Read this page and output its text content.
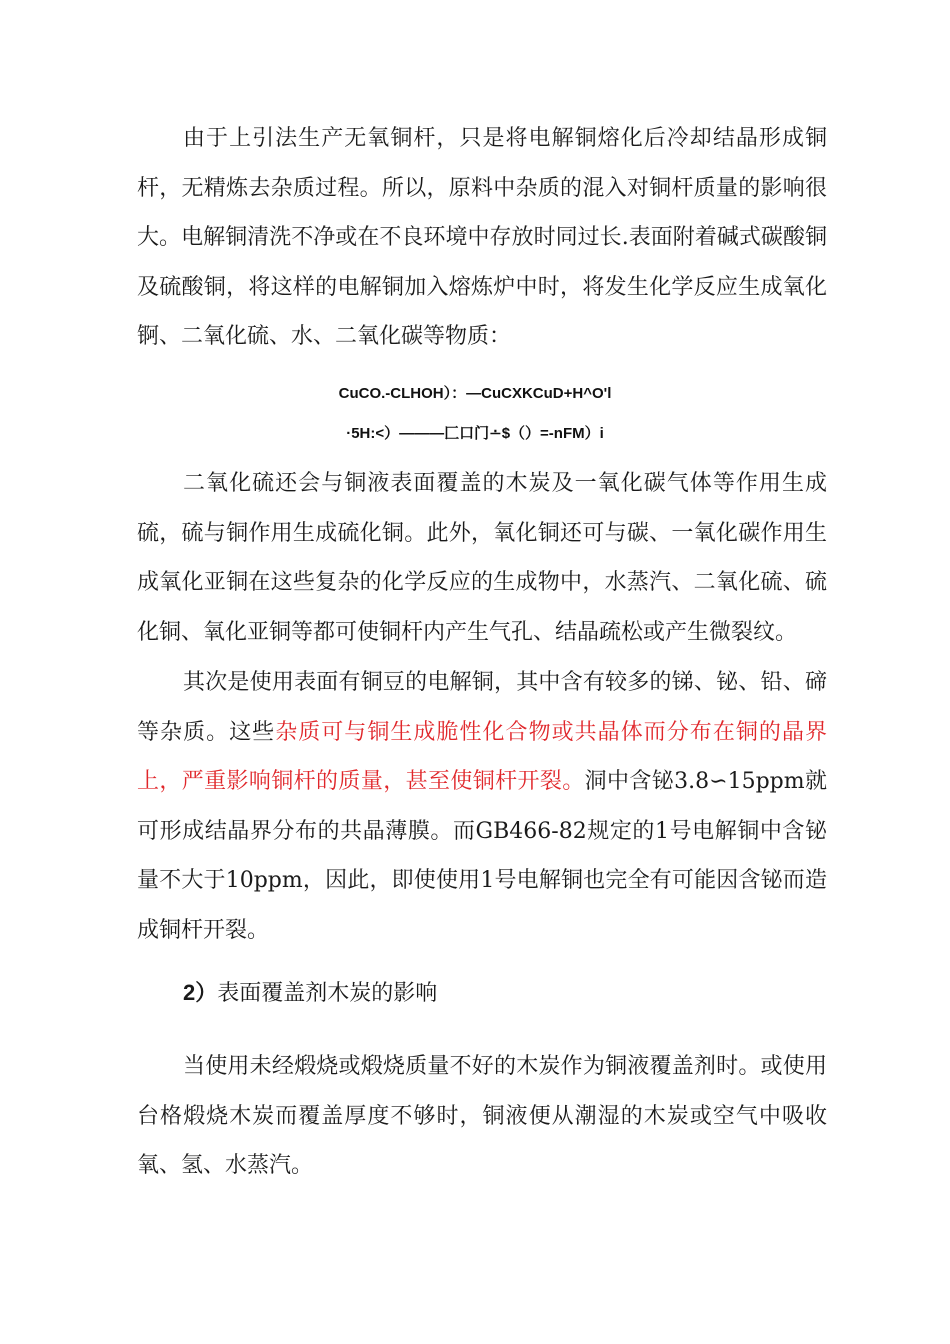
由于上引法生产无氧铜杆，只是将电解铜熔化后冷却结晶形成铜杆，无精炼去杂质过程。所以，原料中杂质的混入对铜杆质量的影响很大。电解铜清洗不净或在不良环境中存放时同过长.表面附着碱式碳酸铜及硫酸铜，将这样的电解铜加入熔炼炉中时，将发生化学反应生成氧化锕、二氧化硫、水、二氧化碳等物质：

CuCO.-CLHOH）：—CuCXKCuD+H^O'l
·5H:<）———匚口门∸$（）=-nFM）i

二氧化硫还会与铜液表面覆盖的木炭及一氧化碳气体等作用生成硫，硫与铜作用生成硫化铜。此外，氧化铜还可与碳、一氧化碳作用生成氧化亚铜在这些复杂的化学反应的生成物中，水蒸汽、二氧化硫、硫化铜、氧化亚铜等都可使铜杆内产生气孔、结晶疏松或产生微裂纹。

其次是使用表面有铜豆的电解铜，其中含有较多的锑、铋、铅、碲等杂质。这些杂质可与铜生成脆性化合物或共晶体而分布在铜的晶界上，严重影响铜杆的质量，甚至使铜杆开裂。洞中含铋3.8∽15ppm就可形成结晶界分布的共晶薄膜。而GB466-82规定的1号电解铜中含铋量不大于10ppm，因此，即使使用1号电解铜也完全有可能因含铋而造成铜杆开裂。

2）表面覆盖剂木炭的影响

当使用未经煅烧或煅烧质量不好的木炭作为铜液覆盖剂时。或使用台格煅烧木炭而覆盖厚度不够时，铜液便从潮湿的木炭或空气中吸收氧、氢、水蒸汽。
